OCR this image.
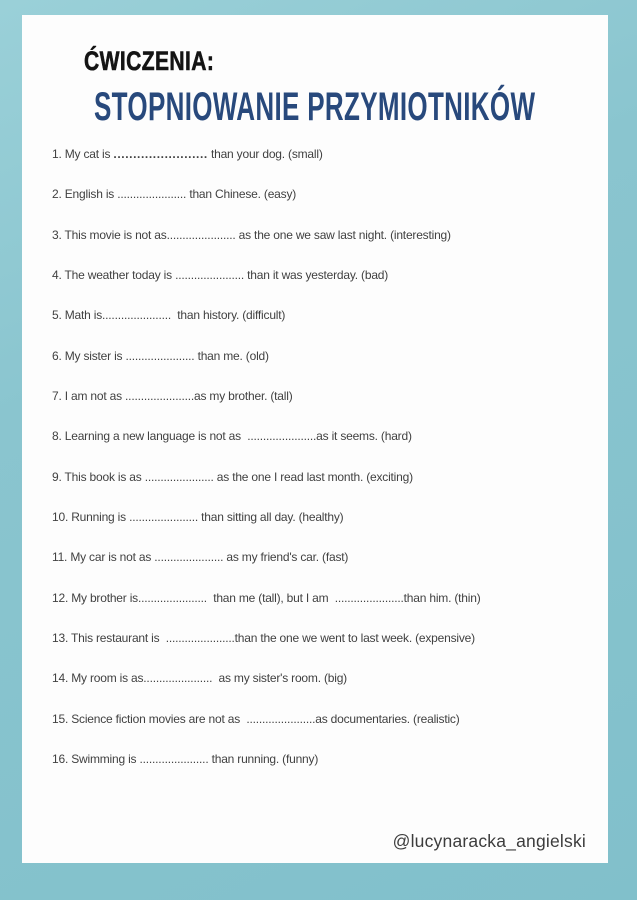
ĆWICZENIA:
STOPNIOWANIE PRZYMIOTNIKÓW
1. My cat is ........................ than your dog. (small)
2. English is ...................... than Chinese. (easy)
3. This movie is not as...................... as the one we saw last night. (interesting)
4. The weather today is ...................... than it was yesterday. (bad)
5. Math is......................  than history. (difficult)
6. My sister is ...................... than me. (old)
7. I am not as ......................as my brother. (tall)
8. Learning a new language is not as  ......................as it seems. (hard)
9. This book is as ...................... as the one I read last month. (exciting)
10. Running is ...................... than sitting all day. (healthy)
11. My car is not as ...................... as my friend's car. (fast)
12. My brother is......................  than me (tall), but I am  ......................than him. (thin)
13. This restaurant is  ......................than the one we went to last week. (expensive)
14. My room is as......................  as my sister's room. (big)
15. Science fiction movies are not as  ......................as documentaries. (realistic)
16. Swimming is ...................... than running. (funny)
@lucynaracka_angielski
